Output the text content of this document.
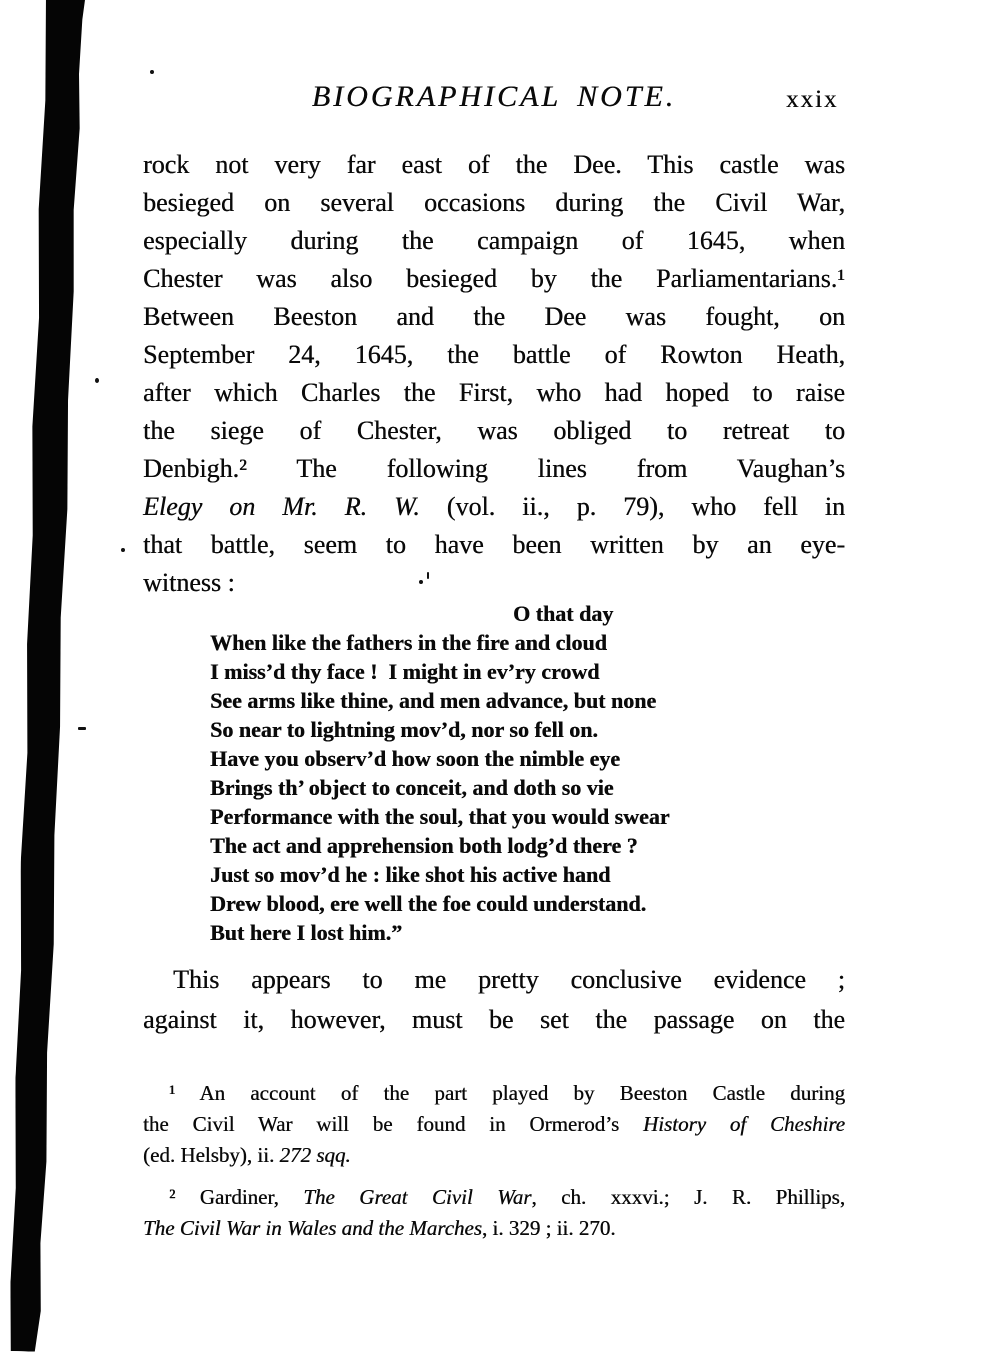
BIOGRAPHICAL NOTE.	xxix
rock not very far east of the Dee. This castle was
besieged on several occasions during the Civil War,
especially during the campaign of 1645, when
Chester was also besieged by the Parliamentarians.¹
Between Beeston and the Dee was fought, on
September 24, 1645, the battle of Rowton Heath,
after which Charles the First, who had hoped to raise
the siege of Chester, was obliged to retreat to
Denbigh.² The following lines from Vaughan’s
Elegy on Mr. R. W. (vol. ii., p. 79), who fell in
that battle, seem to have been written by an eye-
witness :
O that day
When like the fathers in the fire and cloud
I miss’d thy face !  I might in ev’ry crowd
See arms like thine, and men advance, but none
So near to lightning mov’d, nor so fell on.
Have you observ’d how soon the nimble eye
Brings th’ object to conceit, and doth so vie
Performance with the soul, that you would swear
The act and apprehension both lodg’d there ?
Just so mov’d he : like shot his active hand
Drew blood, ere well the foe could understand.
But here I lost him.”
This appears to me pretty conclusive evidence ;
against it, however, must be set the passage on the
¹ An account of the part played by Beeston Castle during
the Civil War will be found in Ormerod’s History of Cheshire
(ed. Helsby), ii. 272 sqq.
² Gardiner, The Great Civil War, ch. xxxvi.; J. R. Phillips,
The Civil War in Wales and the Marches, i. 329 ; ii. 270.
